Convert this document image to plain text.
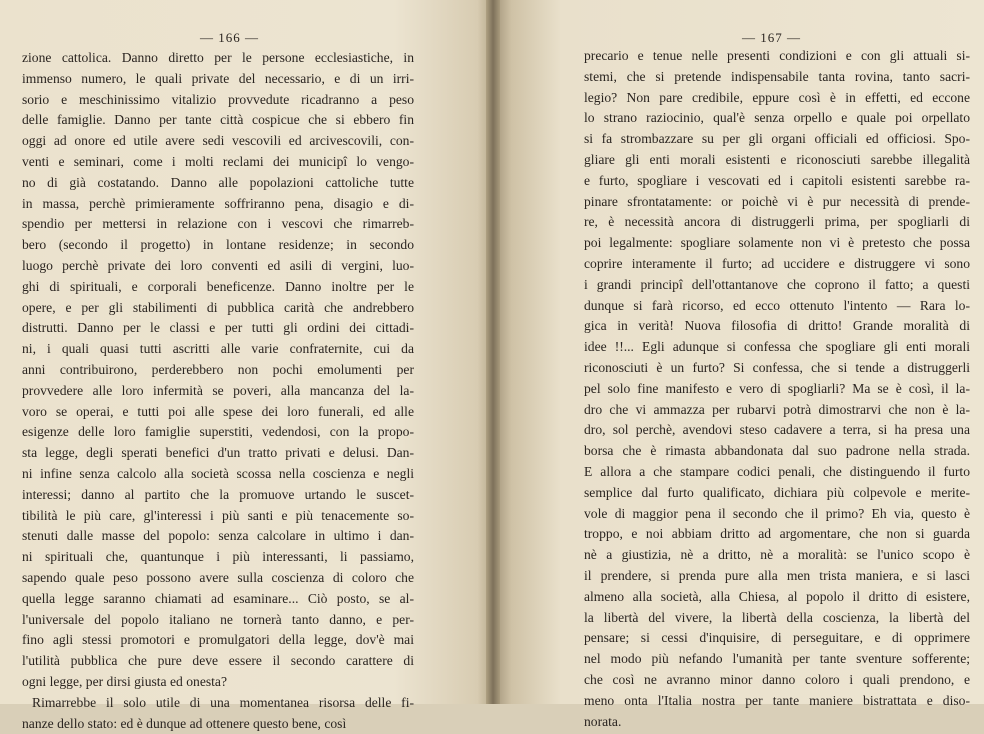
— 166 —
zione cattolica. Danno diretto per le persone ecclesiastiche, in
immenso numero, le quali private del necessario, e di un irri-
sorio e meschinissimo vitalizio provvedute ricadranno a peso
delle famiglie. Danno per tante città cospicue che si ebbero fin
oggi ad onore ed utile avere sedi vescovili ed arcivescovili, con-
venti e seminari, come i molti reclami dei municipî lo vengo-
no di già costatando. Danno alle popolazioni cattoliche tutte
in massa, perchè primieramente soffriranno pena, disagio e di-
spendio per mettersi in relazione con i vescovi che rimarreb-
bero (secondo il progetto) in lontane residenze; in secondo
luogo perchè private dei loro conventi ed asili di vergini, luo-
ghi di spirituali, e corporali beneficenze. Danno inoltre per le
opere, e per gli stabilimenti di pubblica carità che andrebbero
distrutti. Danno per le classi e per tutti gli ordini dei cittadi-
ni, i quali quasi tutti ascritti alle varie confraternite, cui da
anni contribuirono, perderebbero non pochi emolumenti per
provvedere alle loro infermità se poveri, alla mancanza del la-
voro se operai, e tutti poi alle spese dei loro funerali, ed alle
esigenze delle loro famiglie superstiti, vedendosi, con la propo-
sta legge, degli sperati benefici d'un tratto privati e delusi. Dan-
ni infine senza calcolo alla società scossa nella coscienza e negli
interessi; danno al partito che la promuove urtando le suscet-
tibilità le più care, gl'interessi i più santi e più tenacemente so-
stenuti dalle masse del popolo: senza calcolare in ultimo i dan-
ni spirituali che, quantunque i più interessanti, li passiamo,
sapendo quale peso possono avere sulla coscienza di coloro che
quella legge saranno chiamati ad esaminare... Ciò posto, se al-
l'universale del popolo italiano ne tornerà tanto danno, e per-
fino agli stessi promotori e promulgatori della legge, dov'è mai
l'utilità pubblica che pure deve essere il secondo carattere di
ogni legge, per dirsi giusta ed onesta?
Rimarrebbe il solo utile di una momentanea risorsa delle fi-
nanze dello stato: ed è dunque ad ottenere questo bene, così
— 167 —
precario e tenue nelle presenti condizioni e con gli attuali si-
stemi, che si pretende indispensabile tanta rovina, tanto sacri-
legio? Non pare credibile, eppure così è in effetti, ed eccone
lo strano raziocinio, qual'è senza orpello e quale poi orpellato
si fa strombazzare su per gli organi officiali ed officiosi. Spo-
gliare gli enti morali esistenti e riconosciuti sarebbe illegalità
e furto, spogliare i vescovati ed i capitoli esistenti sarebbe ra-
pinare sfrontatamente: or poichè vi è pur necessità di prende-
re, è necessità ancora di distruggerli prima, per spogliarli di
poi legalmente: spogliare solamente non vi è pretesto che possa
coprire interamente il furto; ad uccidere e distruggere vi sono
i grandi principî dell'ottantanove che coprono il fatto; a questi
dunque si farà ricorso, ed ecco ottenuto l'intento — Rara lo-
gica in verità! Nuova filosofia di dritto! Grande moralità di
idee !!... Egli adunque si confessa che spogliare gli enti morali
riconosciuti è un furto? Si confessa, che si tende a distruggerli
pel solo fine manifesto e vero di spogliarli? Ma se è così, il la-
dro che vi ammazza per rubarvi potrà dimostrarvi che non è la-
dro, sol perchè, avendovi steso cadavere a terra, si ha presa una
borsa che è rimasta abbandonata dal suo padrone nella strada.
E allora a che stampare codici penali, che distinguendo il furto
semplice dal furto qualificato, dichiara più colpevole e merite-
vole di maggior pena il secondo che il primo? Eh via, questo è
troppo, e noi abbiam dritto ad argomentare, che non si guarda
nè a giustizia, nè a dritto, nè a moralità: se l'unico scopo è
il prendere, si prenda pure alla men trista maniera, e si lasci
almeno alla società, alla Chiesa, al popolo il dritto di esistere,
la libertà del vivere, la libertà della coscienza, la libertà del
pensare; si cessi d'inquisire, di perseguitare, e di opprimere
nel modo più nefando l'umanità per tante sventure sofferente;
che così ne avranno minor danno coloro i quali prendono, e
meno onta l'Italia nostra per tante maniere bistrattata e diso-
norata.
